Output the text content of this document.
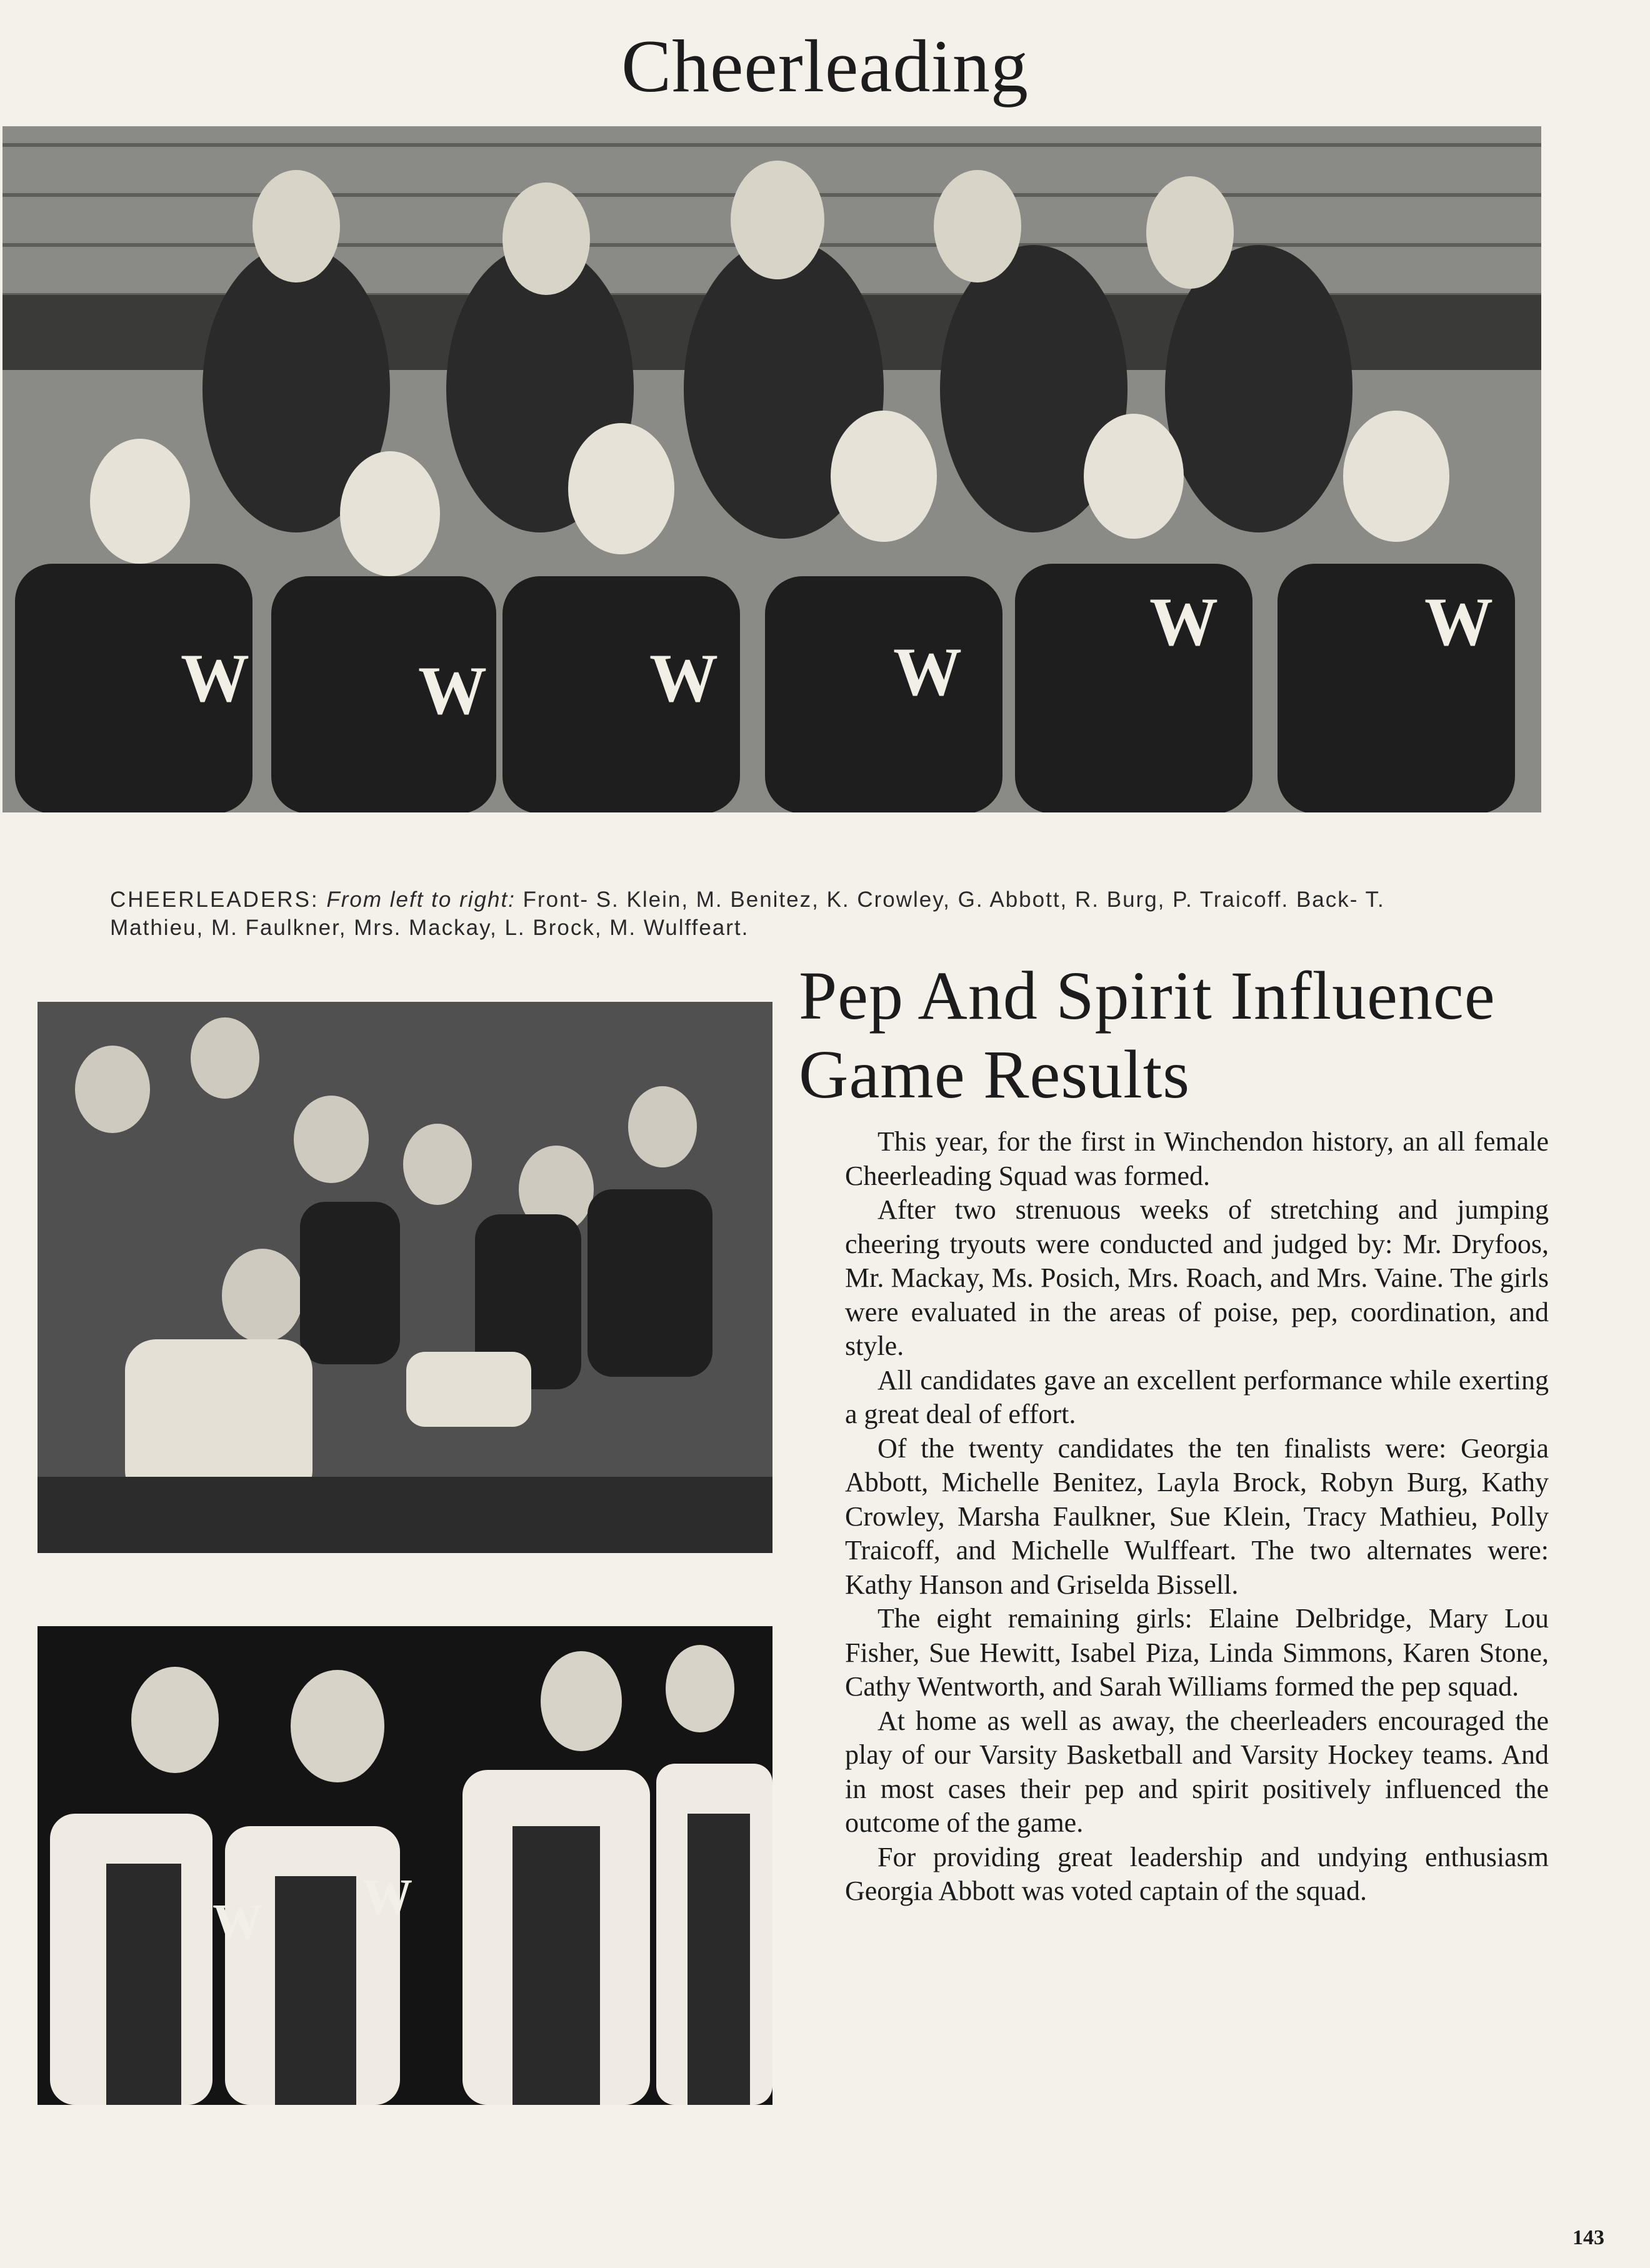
Cheerleading
W W W	W
W	W
CHEERLEADERS: From left to right: Front- S. Klein, M. Benitez, K. Crowley, G. Abbott, R. Burg, P. Traicoff. Back- T. Mathieu, M. Faulkner, Mrs. Mackay, L. Brock, M. Wulffeart.
W W
Pep And Spirit Influence
Game Results

This year, for the first in Winchendon history, an all female Cheerleading Squad was formed.

After two strenuous weeks of stretching and jumping cheering tryouts were conducted and judged by: Mr. Dryfoos, Mr. Mackay, Ms. Posich, Mrs. Roach, and Mrs. Vaine. The girls were evaluated in the areas of poise, pep, coordination, and style.

All candidates gave an excellent performance while exerting a great deal of effort.

Of the twenty candidates the ten finalists were: Georgia Abbott, Michelle Benitez, Layla Brock, Robyn Burg, Kathy Crowley, Marsha Faulkner, Sue Klein, Tracy Mathieu, Polly Traicoff, and Michelle Wulffeart. The two alternates were: Kathy Hanson and Griselda Bissell.

The eight remaining girls: Elaine Delbridge, Mary Lou Fisher, Sue Hewitt, Isabel Piza, Linda Simmons, Karen Stone, Cathy Wentworth, and Sarah Williams formed the pep squad.

At home as well as away, the cheerleaders encouraged the play of our Varsity Basketball and Varsity Hockey teams. And in most cases their pep and spirit positively influenced the outcome of the game.

For providing great leadership and undying enthusiasm Georgia Abbott was voted captain of the squad.

143
